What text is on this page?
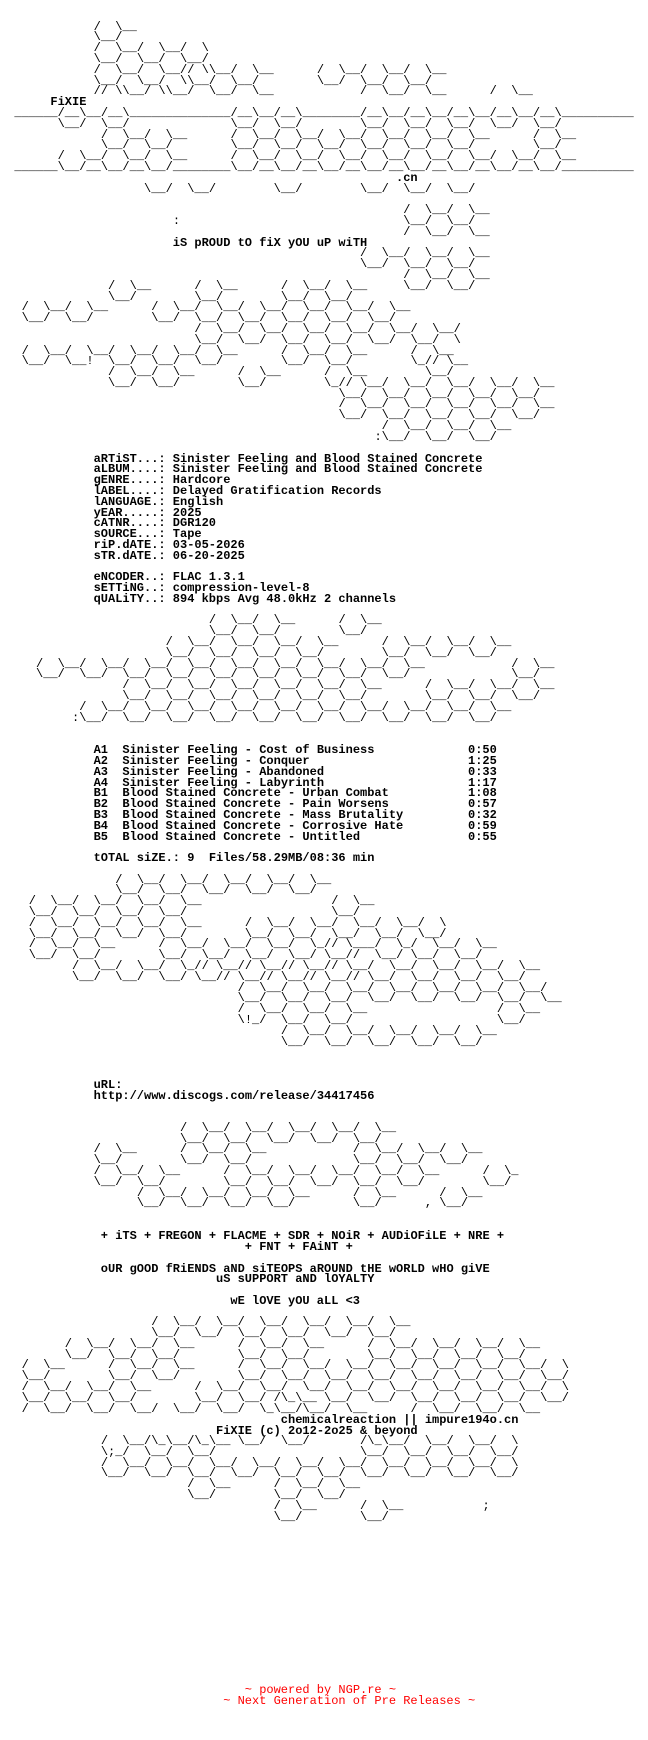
/  \__
\__/
/  \__/  \__/  \
\__/  \__/  \__/
/  \__/  \__// \\__/  \__      /  \__/  \__/  \__
\__/  \__/  \\__/  \__/        \__/  \__/  \__/
// \\__/ \\__/  \__/  \__            /  \__/  \__      /  \__

______/__\__/__\______________/__\__/__\________/__\__/__\__/__\__/__\__/__\__________
\__/  \__/              \__/  \__/        \__/  \__/  \__/  \__/  \__/
/  \__/  \__      /  \__/  \__/  \__/  \__/  \__/  \__      /  \__
\__/  \__/        \__/  \__/  \__/  \__/  \__/  \__/        \__/
/  \__/  \__/  \__      /  \__/  \__/  \__/  \__/  \__/  \__/  \__/  \__
______\__/__\__/__\__/________\__/__\__/__\__/__\__/__\__/__\__/__\__/__\__/__________

\__/  \__/        \__/        \__/  \__/  \__/

/  \__/  \__
:                               \__/  \__/
/  \__/  \__

/  \__/  \__/  \__
\__/  \__/  \__/
/  \__/  \__
/  \__      /  \__      /  \__/  \__     \__/  \__/
\__/        \__/        \__/  \__/
/  \__/  \__      /  \__/  \__/  \__/  \__/  \__/  \__
\__/  \__/        \__/  \__/  \__/  \__/  \__/  \__/
/  \__/  \__/  \__/  \__/  \__/  \__/
\__/  \__/  \__/  \__/  \__/  \__/  \
/  \__/  \__/  \__/  \__/  \__      /  \__/  \__      /  \__
\__/  \__!  \__/  \__/  \__/        \__/  \__/        \_// \__
/  \__/  \__      /  \__      /  \__        \__/
\__/  \__/        \__/        \_// \__/  \__/  \__/  \__/  \__
\__/  \__/  \__/  \__/  \__/
/  \__/  \__/  \__/  \__/  \__
\__/  \__/  \__/  \__/  \__/
/  \__/  \__/  \__
:\__/  \__/  \__/

/  \__/  \__      /  \__
\__/  \__/        \__/
/  \__/  \__/  \__/  \__      /  \__/  \__/  \__
\__/  \__/  \__/  \__/        \__/  \__/  \__/
/  \__/  \__/  \__/  \__/  \__/  \__/  \__/  \__/  \__            /  \__
\__/  \__/  \__/  \__/  \__/  \__/  \__/  \__/  \__/              \__/
/  \__/  \__/  \__/  \__/  \__/  \__      /  \__/  \__/  \__
\__/  \__/  \__/  \__/  \__/  \__/        \__/  \__/  \__/
/  \__/  \__/  \__/  \__/  \__/  \__/  \__/  \__/  \__/  \__
:\__/  \__/  \__/  \__/  \__/  \__/  \__/  \__/  \__/  \__/

/  \__/  \__/  \__/  \__/  \__
\__/  \__/  \__/  \__/  \__/
/  \__/  \__/  \__/  \__                  /  \__
\__/  \__/  \__/  \__/                    \__/
/  \__/  \__/  \__/  \__      /  \__/  \__/  \__/  \__/  \
\__/  \__/  \__/  \__/        \__/  \__/  \__/  \__/  \__/
/  \__/  \__      /  \__/  \__/  \__/  \_// \___/  \_/  \__/  \__
\__/  \__/        \__/  \__/  \__/  \__/ \__//  \__/ \__/  \__/
/  \__/  \__/  \_// \__// \__// \__// \__/  \__/  \__/  \__/  \__
\__/  \__/  \__/ \__// \__// \__// \__// \__/  \__/  \__/  \__/
/  \__/  \__/  \__/  \__/  \__/  \__/  \__/
\__/  \__/  \__/  \__/  \__/  \__/  \__/  \__
/  \__/  \__/  \__                  /  \__
\!_/  \__/  \__/                    \__/
/  \__/  \__/  \__/  \__/  \__
\__/  \__/  \__/  \__/  \__/

/  \__/  \__/  \__/  \__/  \__
\__/  \__/  \__/  \__/  \__/
/  \__      /  \__/  \__            /  \__/  \__/  \__
\__/        \__/  \__/              \__/  \__/  \__/
/  \__/  \__      /  \__/  \__/  \__/  \__/  \__      /  \_
\__/  \__/        \__/  \__/  \__/  \__/  \__/        \__/
/  \__/  \__/  \__/  \__      /  \__      /  \__
\__/  \__/  \__/  \__/        \__/      , \__/

/  \__/  \__/  \__/  \__/  \__/  \__
\__/  \__/  \__/  \__/  \__/  \__/
/  \__/  \__/  \__      /  \__/  \__      /  \__/  \__/  \__/  \__
\__/  \__/  \__/        \__/  \__/        \__/  \__/  \__/  \__/
/  \__      /  \__/  \__      /  \__/  \__/  \__/  \__/  \__/  \__/  \__/  \
\__/        \__/  \__/        \__/  \__/  \__/  \__/  \__/  \__/  \__/  \__/
/  \__/  \__/  \__      /  \__/  \__/  \__/  \__/  \__/  \__/  \__/  \__/  \
\__/  \__/  \__/        \__/  \__/ /\_\__ \__/  \__/  \__/  \__/  \__/  \__/
/  \__/  \__/  \__/  \__/  \__/  \_\__/\__/  \__      /  \__/  \__/  \__

/  \__/\_\__/\_\__ \__/  \__/       /\_\__/  \__/  \__/  \
\;_/  \__/  \__/                    \__/  \__/  \__/  \__/
/  \__/  \__/  \__/  \__/  \__/  \__/  \__/  \__/  \__/  \
\__/  \__/  \__/  \__/  \__/  \__/  \__/  \__/  \__/  \__/
/  \__      /  \__/  \__
\__/        \__/  \__/
/  \__      /  \__           ;
\__/        \__/

FiXIE
.cn
iS pROUD tO fiX yOU uP wiTH
aRTiST...: Sinister Feeling and Blood Stained Concrete
aLBUM....: Sinister Feeling and Blood Stained Concrete
gENRE....: Hardcore
lABEL....: Delayed Gratification Records
lANGUAGE.: English
yEAR.....: 2025
cATNR....: DGR120
sOURCE...: Tape
riP.dATE.: 03-05-2026
sTR.dATE.: 06-20-2025
eNCODER..: FLAC 1.3.1
sETTiNG..: compression-level-8
qUALiTY..: 894 kbps Avg 48.0kHz 2 channels
A1 Sinister Feeling - Cost of Business	0:50
A2 Sinister Feeling - Conquer	1:25
A3 Sinister Feeling - Abandoned	0:33
A4 Sinister Feeling - Labyrinth	1:17
B1 Blood Stained Concrete - Urban Combat	1:08
B2 Blood Stained Concrete - Pain Worsens	0:57
B3 Blood Stained Concrete - Mass Brutality	0:32
B4 Blood Stained Concrete - Corrosive Hate	0:59
B5 Blood Stained Concrete - Untitled	0:55
tOTAL siZE.: 9  Files/58.29MB/08:36 min
uRL:
http://www.discogs.com/release/34417456
+ iTS + FREGON + FLACME + SDR + NOiR + AUDiOFiLE + NRE +
+ FNT + FAiNT +
oUR gOOD fRiENDS aND siTEOPS aROUND tHE wORLD wHO giVE
uS sUPPORT aND lOYALTY
wE lOVE yOU aLL <3
chemicalreaction || impure194o.cn
FiXIE (c) 2o12-2o25 & beyond
~ powered by NGP.re ~
~ Next Generation of Pre Releases ~
